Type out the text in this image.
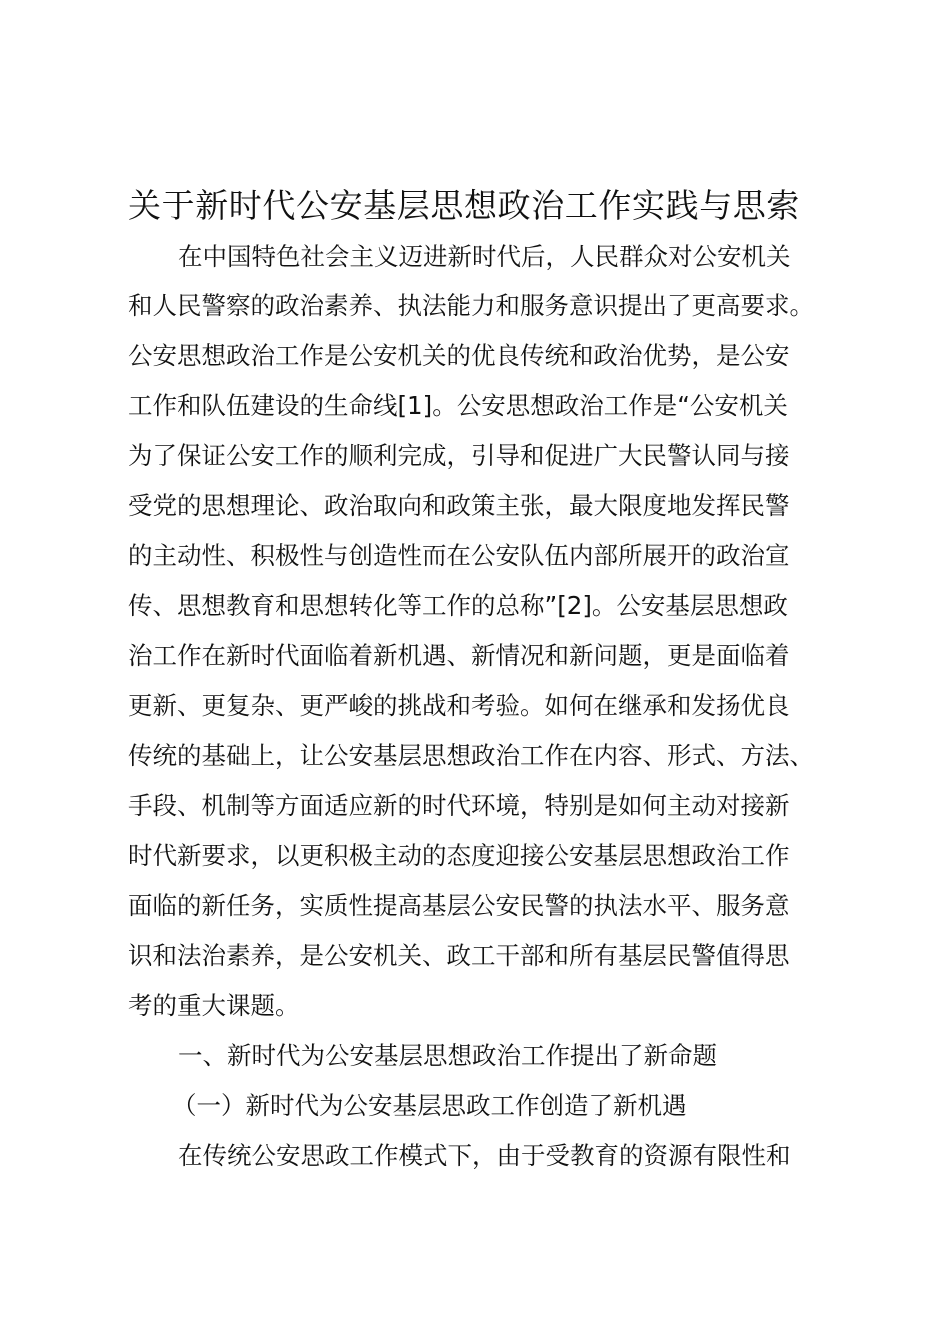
关于新时代公安基层思想政治工作实践与思索
在中国特色社会主义迈进新时代后，人民群众对公安机关
和人民警察的政治素养、执法能力和服务意识提出了更高要求。
公安思想政治工作是公安机关的优良传统和政治优势，是公安
工作和队伍建设的生命线[1]。公安思想政治工作是“公安机关
为了保证公安工作的顺利完成，引导和促进广大民警认同与接
受党的思想理论、政治取向和政策主张，最大限度地发挥民警
的主动性、积极性与创造性而在公安队伍内部所展开的政治宣
传、思想教育和思想转化等工作的总称”[2]。公安基层思想政
治工作在新时代面临着新机遇、新情况和新问题，更是面临着
更新、更复杂、更严峻的挑战和考验。如何在继承和发扬优良
传统的基础上，让公安基层思想政治工作在内容、形式、方法、
手段、机制等方面适应新的时代环境，特别是如何主动对接新
时代新要求，以更积极主动的态度迎接公安基层思想政治工作
面临的新任务，实质性提高基层公安民警的执法水平、服务意
识和法治素养，是公安机关、政工干部和所有基层民警值得思
考的重大课题。
一、新时代为公安基层思想政治工作提出了新命题
（一）新时代为公安基层思政工作创造了新机遇
在传统公安思政工作模式下，由于受教育的资源有限性和
